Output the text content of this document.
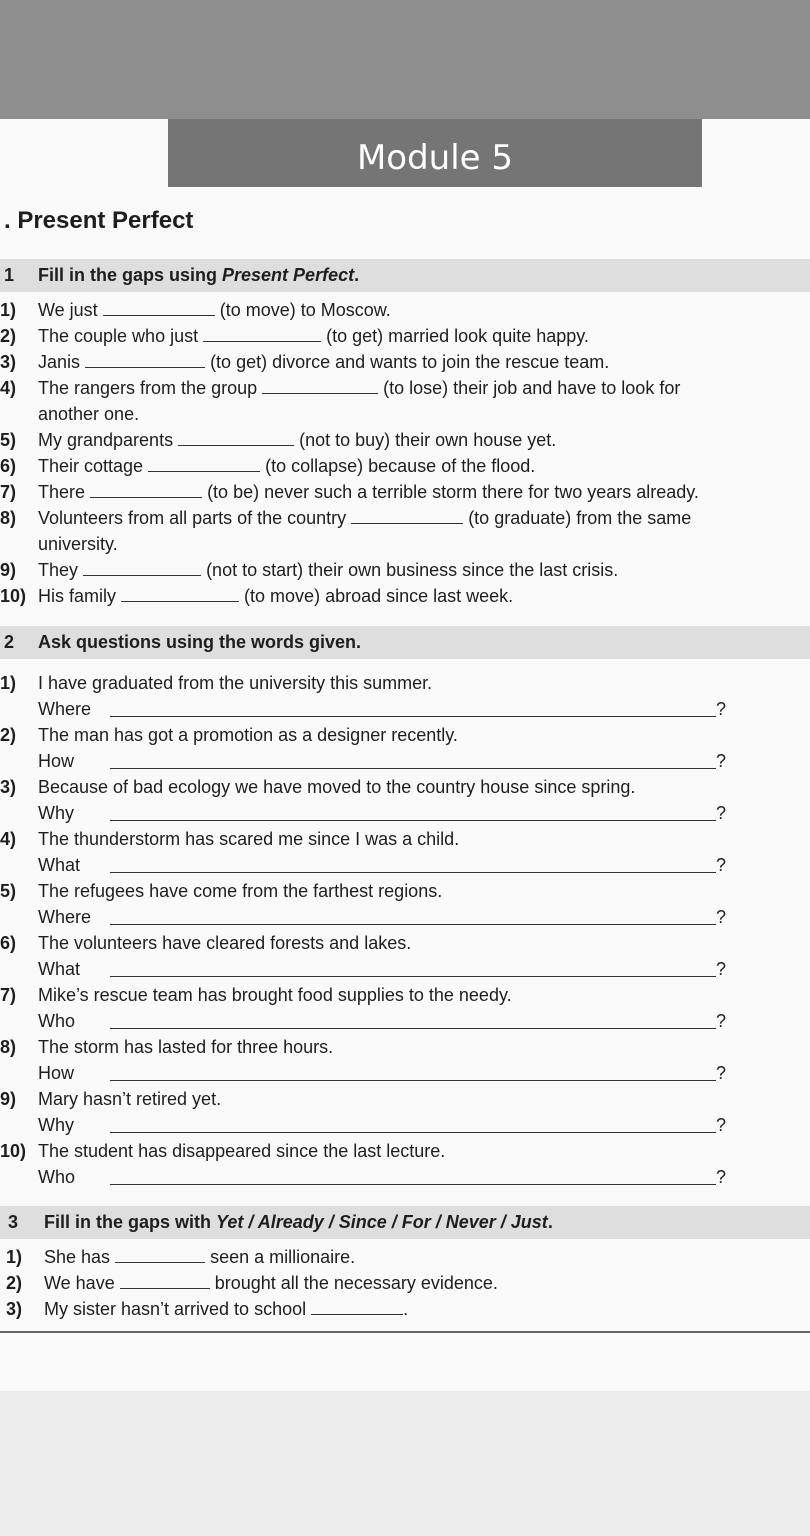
Module 5
. Present Perfect
1	Fill in the gaps using Present Perfect.
1) We just	(to move) to Moscow.
2) The couple who just	(to get) married look quite happy.
3) Janis	(to get) divorce and wants to join the rescue team.
4) The rangers from the group	(to lose) their job and have to look for
another one.
5) My grandparents	(not to buy) their own house yet.
6) Their cottage	(to collapse) because of the flood.
7) There	(to be) never such a terrible storm there for two years already.
8) Volunteers from all parts of the country	(to graduate) from the same
university.
9) They	(not to start) their own business since the last crisis.
10) His family	(to move) abroad since last week.
2	Ask questions using the words given.
1) I have graduated from the university this summer.
Where	?
2) The man has got a promotion as a designer recently.
How	?
3) Because of bad ecology we have moved to the country house since spring.
Why	?
4) The thunderstorm has scared me since I was a child.
What	?
5) The refugees have come from the farthest regions.
Where	?
6) The volunteers have cleared forests and lakes.
What	?
7) Mike’s rescue team has brought food supplies to the needy.
Who	?
8) The storm has lasted for three hours.
How	?
9) Mary hasn’t retired yet.
Why	?
10) The student has disappeared since the last lecture.
Who	?
3	Fill in the gaps with Yet / Already / Since / For / Never / Just.
1) She has	seen a millionaire.
2) We have	brought all the necessary evidence.
3) My sister hasn’t arrived to school	.
